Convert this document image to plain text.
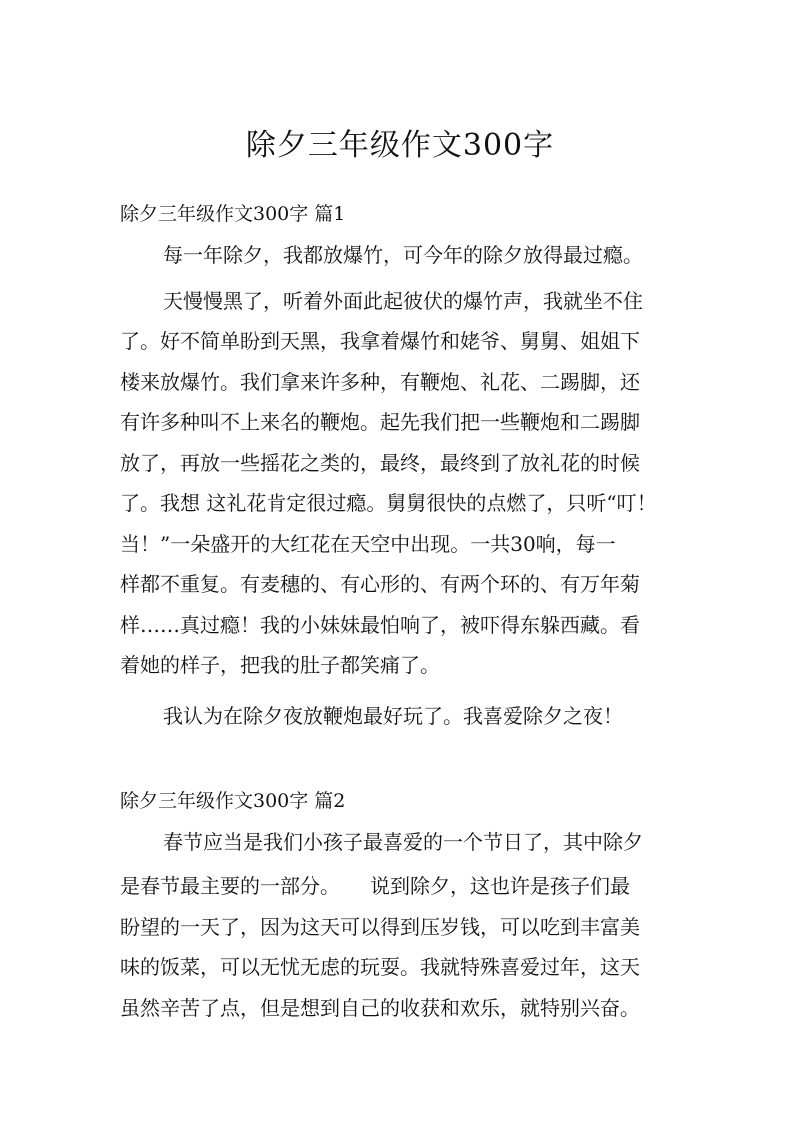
除夕三年级作文300字
除夕三年级作文300字 篇1
每一年除夕，我都放爆竹，可今年的除夕放得最过瘾。
天慢慢黑了，听着外面此起彼伏的爆竹声，我就坐不住
了。好不简单盼到天黑，我拿着爆竹和姥爷、舅舅、姐姐下
楼来放爆竹。我们拿来许多种，有鞭炮、礼花、二踢脚，还
有许多种叫不上来名的鞭炮。起先我们把一些鞭炮和二踢脚
放了，再放一些摇花之类的，最终，最终到了放礼花的时候
了。我想 这礼花肯定很过瘾。舅舅很快的点燃了，只听“叮！
当！”一朵盛开的大红花在天空中出现。一共30响，每一
样都不重复。有麦穗的、有心形的、有两个环的、有万年菊
样……真过瘾！我的小妹妹最怕响了，被吓得东躲西藏。看
着她的样子，把我的肚子都笑痛了。
我认为在除夕夜放鞭炮最好玩了。我喜爱除夕之夜！
除夕三年级作文300字 篇2
春节应当是我们小孩子最喜爱的一个节日了，其中除夕
是春节最主要的一部分。　　说到除夕，这也许是孩子们最
盼望的一天了，因为这天可以得到压岁钱，可以吃到丰富美
味的饭菜，可以无忧无虑的玩耍。我就特殊喜爱过年，这天
虽然辛苦了点，但是想到自己的收获和欢乐，就特别兴奋。
